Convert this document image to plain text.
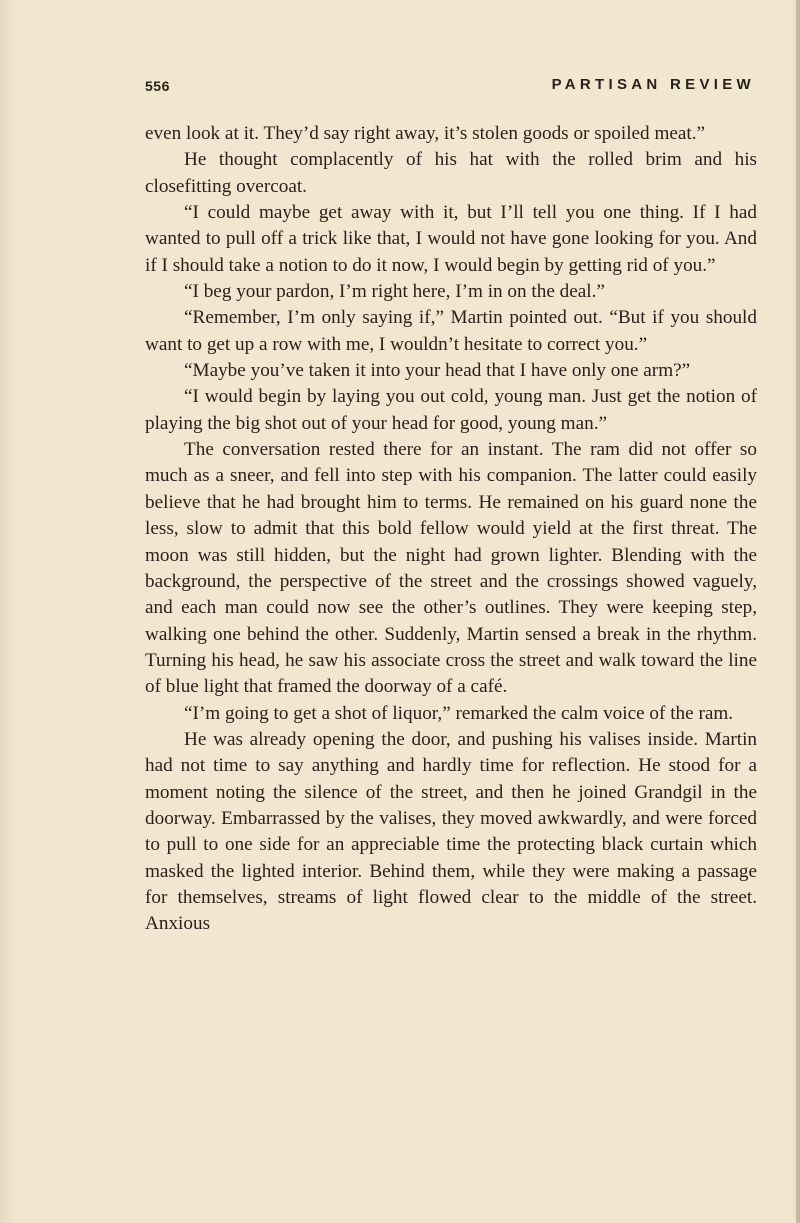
556	PARTISAN REVIEW

even look at it. They’d say right away, it’s stolen goods or spoiled meat.”

He thought complacently of his hat with the rolled brim and his closefitting overcoat.

“I could maybe get away with it, but I’ll tell you one thing. If I had wanted to pull off a trick like that, I would not have gone looking for you. And if I should take a notion to do it now, I would begin by getting rid of you.”

“I beg your pardon, I’m right here, I’m in on the deal.”

“Remember, I’m only saying if,” Martin pointed out. “But if you should want to get up a row with me, I wouldn’t hesitate to correct you.”

“Maybe you’ve taken it into your head that I have only one arm?”

“I would begin by laying you out cold, young man. Just get the notion of playing the big shot out of your head for good, young man.”

The conversation rested there for an instant. The ram did not offer so much as a sneer, and fell into step with his companion. The latter could easily believe that he had brought him to terms. He remained on his guard none the less, slow to admit that this bold fellow would yield at the first threat. The moon was still hidden, but the night had grown lighter. Blending with the background, the perspective of the street and the crossings showed vaguely, and each man could now see the other’s outlines. They were keeping step, walking one behind the other. Suddenly, Martin sensed a break in the rhythm. Turning his head, he saw his associate cross the street and walk toward the line of blue light that framed the doorway of a café.

“I’m going to get a shot of liquor,” remarked the calm voice of the ram.

He was already opening the door, and pushing his valises inside. Martin had not time to say anything and hardly time for reflection. He stood for a moment noting the silence of the street, and then he joined Grandgil in the doorway. Embarrassed by the valises, they moved awkwardly, and were forced to pull to one side for an appreciable time the protecting black curtain which masked the lighted interior. Behind them, while they were making a passage for themselves, streams of light flowed clear to the middle of the street. Anxious
